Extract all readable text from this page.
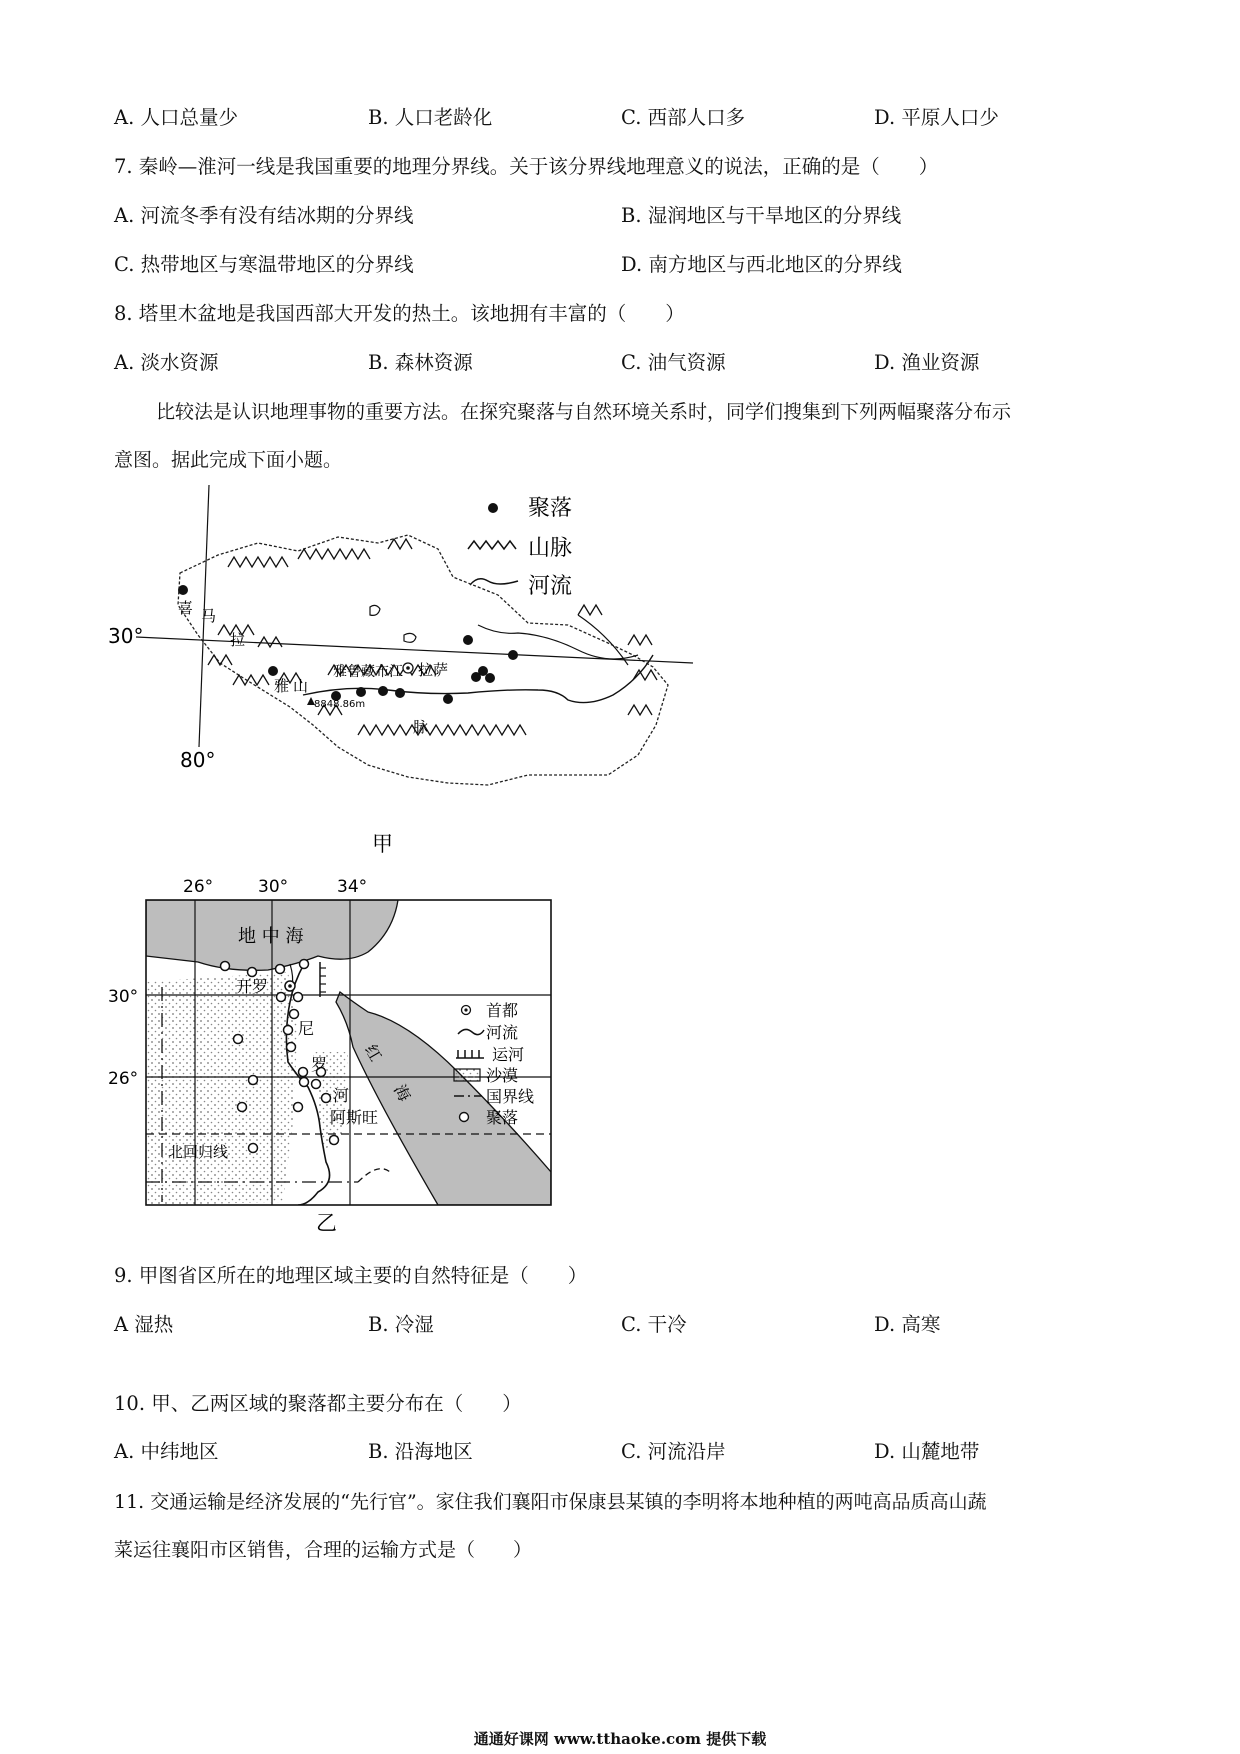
A. 人口总量少	B. 人口老龄化	C. 西部人口多	D. 平原人口少
7. 秦岭—淮河一线是我国重要的地理分界线。关于该分界线地理意义的说法，正确的是（　　）
A. 河流冬季有没有结冰期的分界线	B. 湿润地区与干旱地区的分界线
C. 热带地区与寒温带地区的分界线	D. 南方地区与西北地区的分界线
8. 塔里木盆地是我国西部大开发的热土。该地拥有丰富的（　　）
A. 淡水资源	B. 森林资源	C. 油气资源	D. 渔业资源
比较法是认识地理事物的重要方法。在探究聚落与自然环境关系时，同学们搜集到下列两幅聚落分布示
意图。据此完成下面小题。
聚落
山脉
河流
30°
80°
喜 马
拉
雅 山
脉
雅鲁藏布江 拉萨
8848.86m
甲
26°	30°	34°
30°
26°
地 中 海
开罗
尼
罗
河
阿斯旺
红
海
北回归线
首都
河流
运河
沙漠
国界线
聚落
乙
9. 甲图省区所在的地理区域主要的自然特征是（　　）
A 湿热	B. 冷湿	C. 干冷	D. 高寒
10. 甲、乙两区域的聚落都主要分布在（　　）
A. 中纬地区	B. 沿海地区	C. 河流沿岸	D. 山麓地带
11. 交通运输是经济发展的“先行官”。家住我们襄阳市保康县某镇的李明将本地种植的两吨高品质高山蔬
菜运往襄阳市区销售，合理的运输方式是（　　）
通通好课网 www.tthaoke.com 提供下载
